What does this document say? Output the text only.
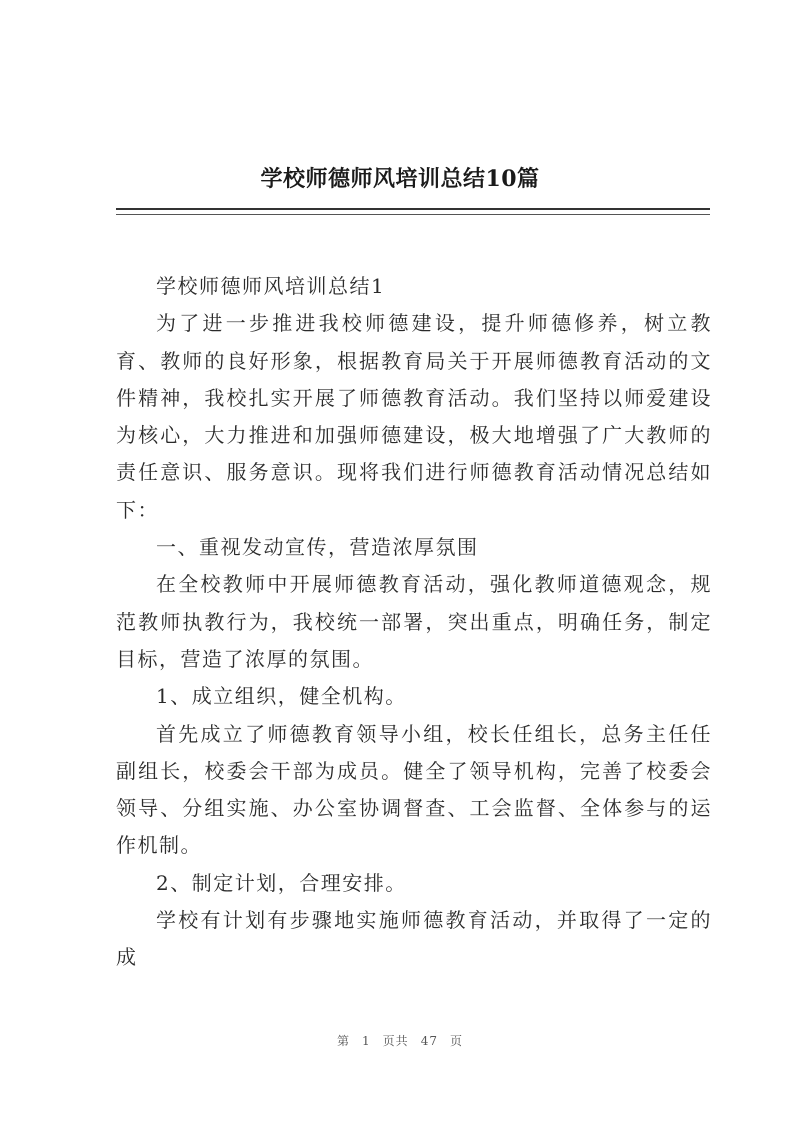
学校师德师风培训总结10篇

学校师德师风培训总结1

为了进一步推进我校师德建设，提升师德修养，树立教育、教师的良好形象，根据教育局关于开展师德教育活动的文件精神，我校扎实开展了师德教育活动。我们坚持以师爱建设为核心，大力推进和加强师德建设，极大地增强了广大教师的责任意识、服务意识。现将我们进行师德教育活动情况总结如下：

一、重视发动宣传，营造浓厚氛围

在全校教师中开展师德教育活动，强化教师道德观念，规范教师执教行为，我校统一部署，突出重点，明确任务，制定目标，营造了浓厚的氛围。

1、成立组织，健全机构。

首先成立了师德教育领导小组，校长任组长，总务主任任副组长，校委会干部为成员。健全了领导机构，完善了校委会领导、分组实施、办公室协调督查、工会监督、全体参与的运作机制。

2、制定计划，合理安排。

学校有计划有步骤地实施师德教育活动，并取得了一定的成

第 1 页共 47 页
